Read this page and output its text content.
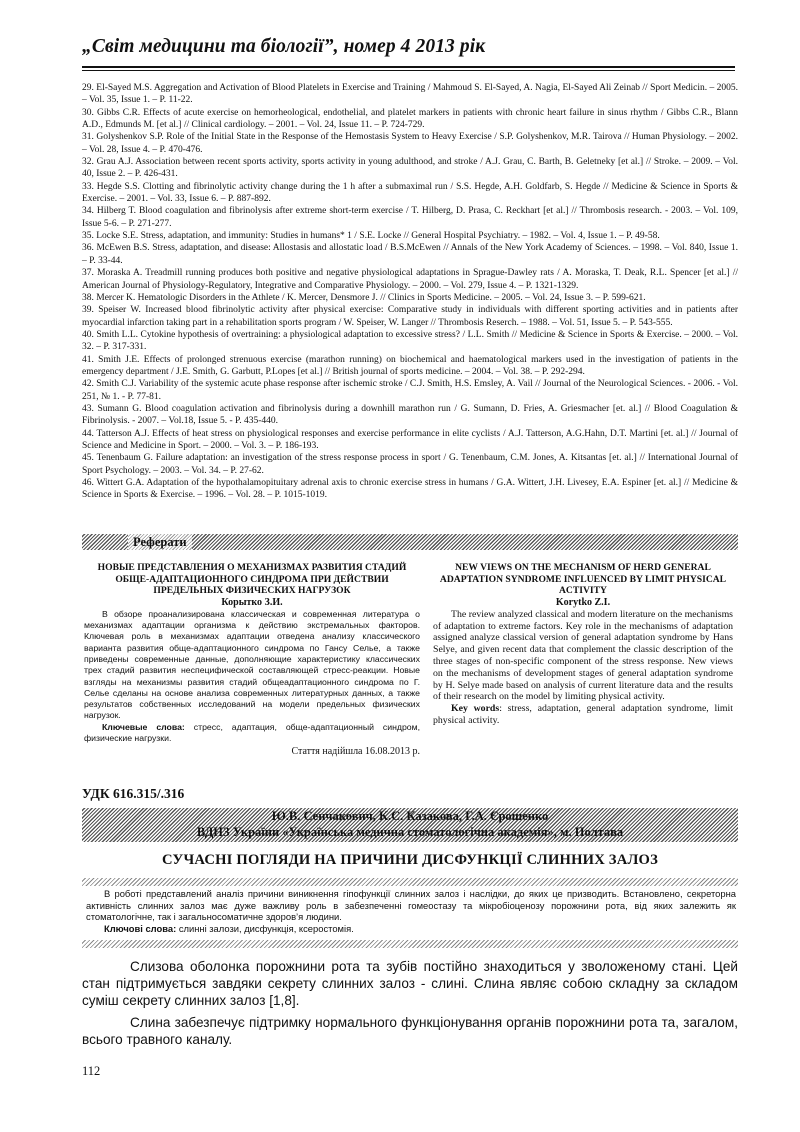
„Світ медицини та біології”, номер 4 2013 рік

29. El-Sayed M.S. Aggregation and Activation of Blood Platelets in Exercise and Training / Mahmoud S. El-Sayed, A. Nagia, El-Sayed Ali Zeinab // Sport Medicin. – 2005. – Vol. 35, Issue 1. – P. 11-22.

30. Gibbs C.R. Effects of acute exercise on hemorheological, endothelial, and platelet markers in patients with chronic heart failure in sinus rhythm / Gibbs C.R., Blann A.D., Edmunds M. [et al.] // Clinical cardiology. – 2001. – Vol. 24, Issue 11. – P. 724-729.

31. Golyshenkov S.P. Role of the Initial State in the Response of the Hemostasis System to Heavy Exercise / S.P. Golyshenkov, M.R. Tairova // Human Physiology. – 2002. – Vol. 28, Issue 4. – P. 470-476.

32. Grau A.J. Association between recent sports activity, sports activity in young adulthood, and stroke / A.J. Grau, C. Barth, B. Geletneky [et al.] // Stroke. – 2009. – Vol. 40, Issue 2. – P. 426-431.

33. Hegde S.S. Clotting and fibrinolytic activity change during the 1 h after a submaximal run / S.S. Hegde, A.H. Goldfarb, S. Hegde // Medicine & Science in Sports & Exercise. – 2001. – Vol. 33, Issue 6. – P. 887-892.

34. Hilberg T. Blood coagulation and fibrinolysis after extreme short-term exercise / T. Hilberg, D. Prasa, C. Reckhart [et al.] // Thrombosis research. - 2003. – Vol. 109, Issue 5-6. – P. 271-277.

35. Locke S.E. Stress, adaptation, and immunity: Studies in humans* 1 / S.E. Locke // General Hospital Psychiatry. – 1982. – Vol. 4, Issue 1. – P. 49-58.

36. McEwen B.S. Stress, adaptation, and disease: Allostasis and allostatic load / B.S.McEwen // Annals of the New York Academy of Sciences. – 1998. – Vol. 840, Issue 1. – P. 33-44.

37. Moraska A. Treadmill running produces both positive and negative physiological adaptations in Sprague-Dawley rats / A. Moraska, T. Deak, R.L. Spencer [et al.] // American Journal of Physiology-Regulatory, Integrative and Comparative Physiology. – 2000. – Vol. 279, Issue 4. – P. 1321-1329.

38. Mercer K. Hematologic Disorders in the Athlete / K. Mercer, Densmore J. // Clinics in Sports Medicine. – 2005. – Vol. 24, Issue 3. – P. 599-621.

39. Speiser W. Increased blood fibrinolytic activity after physical exercise: Comparative study in individuals with different sporting activities and in patients after myocardial infarction taking part in a rehabilitation sports program / W. Speiser, W. Langer // Thrombosis Reserch. – 1988. – Vol. 51, Issue 5. – P. 543-555.

40. Smith L.L. Cytokine hypothesis of overtraining: a physiological adaptation to excessive stress? / L.L. Smith // Medicine & Science in Sports & Exercise. – 2000. – Vol. 32. – P. 317-331.

41. Smith J.E. Effects of prolonged strenuous exercise (marathon running) on biochemical and haematological markers used in the investigation of patients in the emergency department / J.E. Smith, G. Garbutt, P.Lopes [et al.] // British journal of sports medicine. – 2004. – Vol. 38. – P. 292-294.

42. Smith C.J. Variability of the systemic acute phase response after ischemic stroke / C.J. Smith, H.S. Emsley, A. Vail // Journal of the Neurological Sciences. - 2006. - Vol. 251, № 1. - P. 77-81.

43. Sumann G. Blood coagulation activation and fibrinolysis during a downhill marathon run / G. Sumann, D. Fries, A. Griesmacher [et. al.] // Blood Coagulation & Fibrinolysis. - 2007. – Vol.18, Issue 5. - P. 435-440.

44. Tatterson A.J. Effects of heat stress on physiological responses and exercise performance in elite cyclists / A.J. Tatterson, A.G.Hahn, D.T. Martini [et. al.] // Journal of Science and Medicine in Sport. – 2000. – Vol. 3. – P. 186-193.

45. Tenenbaum G. Failure adaptation: an investigation of the stress response process in sport / G. Tenenbaum, C.M. Jones, A. Kitsantas [et. al.] // International Journal of Sport Psychology. – 2003. – Vol. 34. – P. 27-62.

46. Wittert G.A. Adaptation of the hypothalamopituitary adrenal axis to chronic exercise stress in humans / G.A. Wittert, J.H. Livesey, E.A. Espiner [et. al.] // Medicine & Science in Sports & Exercise. – 1996. – Vol. 28. – P. 1015-1019.

Реферати
НОВЫЕ ПРЕДСТАВЛЕНИЯ О МЕХАНИЗМАХ РАЗВИТИЯ СТАДИЙ ОБЩЕ-АДАПТАЦИОННОГО СИНДРОМА ПРИ ДЕЙСТВИИ ПРЕДЕЛЬНЫХ ФИЗИЧЕСКИХ НАГРУЗОК
Корытко З.И.

В обзоре проанализирована классическая и современная литература о механизмах адаптации организма к действию экстремальных факторов. Ключевая роль в механизмах адаптации отведена анализу классического варианта развития обще-адаптационного синдрома по Гансу Селье, а также приведены современные данные, дополняющие характеристику классических трех стадий развития неспецифической составляющей стресс-реакции. Новые взгляды на механизмы развития стадий общеадаптационного синдрома по Г. Селье сделаны на основе анализа современных литературных данных, а также результатов собственных исследований на модели предельных физических нагрузок.

Ключевые слова: стресс, адаптация, обще-адаптационный синдром, физические нагрузки.

Стаття надійшла 16.08.2013 р.
NEW VIEWS ON THE MECHANISM OF HERD GENERAL ADAPTATION SYNDROME INFLUENCED BY LIMIT PHYSICAL ACTIVITY
Korytko Z.I.

The review analyzed classical and modern literature on the mechanisms of adaptation to extreme factors. Key role in the mechanisms of adaptation assigned analyze classical version of general adaptation syndrome by Hans Selye, and given recent data that complement the classic description of the three stages of non-specific component of the stress response. New views on the mechanisms of development stages of general adaptation syndrome by H. Selye made based on analysis of current literature data and the results of their research on the model by limiting physical activity.

Key words: stress, adaptation, general adaptation syndrome, limit physical activity.

УДК 616.315/.316
Ю.В. Сенчакович, К.С. Казакова, Г.А. Єрошенко
ВДНЗ України «Українська медична стоматологічна академія», м. Полтава
СУЧАСНІ ПОГЛЯДИ НА ПРИЧИНИ ДИСФУНКЦІЇ СЛИННИХ ЗАЛОЗ

В роботі представлений аналіз причини виникнення гіпофункції слинних залоз і наслідки, до яких це призводить. Встановлено, секреторна активність слинних залоз має дуже важливу роль в забезпеченні гомеостазу та мікробіоценозу порожнини рота, від яких залежить як стоматологічне, так і загальносоматичне здоров’я людини.

Ключові слова: слинні залози, дисфункція, ксеростомія.

Слизова оболонка порожнини рота та зубів постійно знаходиться у зволоженому стані. Цей стан підтримується завдяки секрету слинних залоз - слині. Слина являє собою складну за складом суміш секрету слинних залоз [1,8].

Слина забезпечує підтримку нормального функціонування органів порожнини рота та, загалом, всього травного каналу.

112
